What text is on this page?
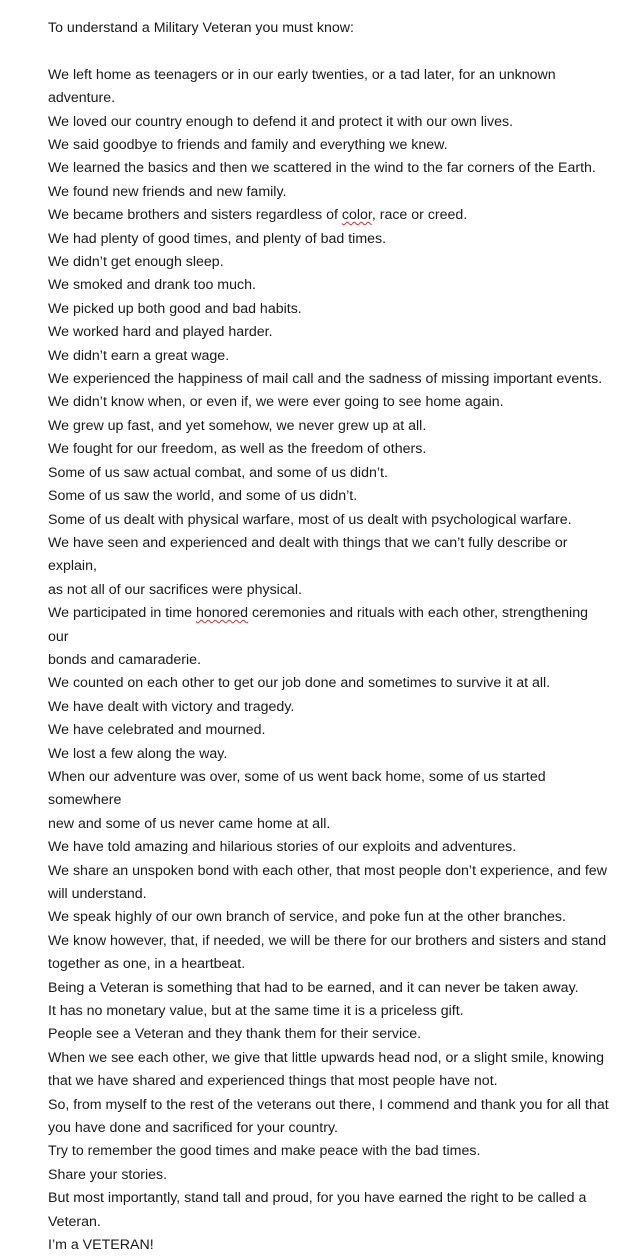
To understand a Military Veteran you must know:
We left home as teenagers or in our early twenties, or a tad later, for an unknown
adventure.
We loved our country enough to defend it and protect it with our own lives.
We said goodbye to friends and family and everything we knew.
We learned the basics and then we scattered in the wind to the far corners of the Earth.
We found new friends and new family.
We became brothers and sisters regardless of color, race or creed.
We had plenty of good times, and plenty of bad times.
We didn’t get enough sleep.
We smoked and drank too much.
We picked up both good and bad habits.
We worked hard and played harder.
We didn’t earn a great wage.
We experienced the happiness of mail call and the sadness of missing important events.
We didn’t know when, or even if, we were ever going to see home again.
We grew up fast, and yet somehow, we never grew up at all.
We fought for our freedom, as well as the freedom of others.
Some of us saw actual combat, and some of us didn’t.
Some of us saw the world, and some of us didn’t.
Some of us dealt with physical warfare, most of us dealt with psychological warfare.
We have seen and experienced and dealt with things that we can’t fully describe or explain,
as not all of our sacrifices were physical.
We participated in time honored ceremonies and rituals with each other, strengthening our
bonds and camaraderie.
We counted on each other to get our job done and sometimes to survive it at all.
We have dealt with victory and tragedy.
We have celebrated and mourned.
We lost a few along the way.
When our adventure was over, some of us went back home, some of us started somewhere
new and some of us never came home at all.
We have told amazing and hilarious stories of our exploits and adventures.
We share an unspoken bond with each other, that most people don’t experience, and few
will understand.
We speak highly of our own branch of service, and poke fun at the other branches.
We know however, that, if needed, we will be there for our brothers and sisters and stand
together as one, in a heartbeat.
Being a Veteran is something that had to be earned, and it can never be taken away.
It has no monetary value, but at the same time it is a priceless gift.
People see a Veteran and they thank them for their service.
When we see each other, we give that little upwards head nod, or a slight smile, knowing
that we have shared and experienced things that most people have not.
So, from myself to the rest of the veterans out there, I commend and thank you for all that
you have done and sacrificed for your country.
Try to remember the good times and make peace with the bad times.
Share your stories.
But most importantly, stand tall and proud, for you have earned the right to be called a
Veteran.
I’m a VETERAN!
